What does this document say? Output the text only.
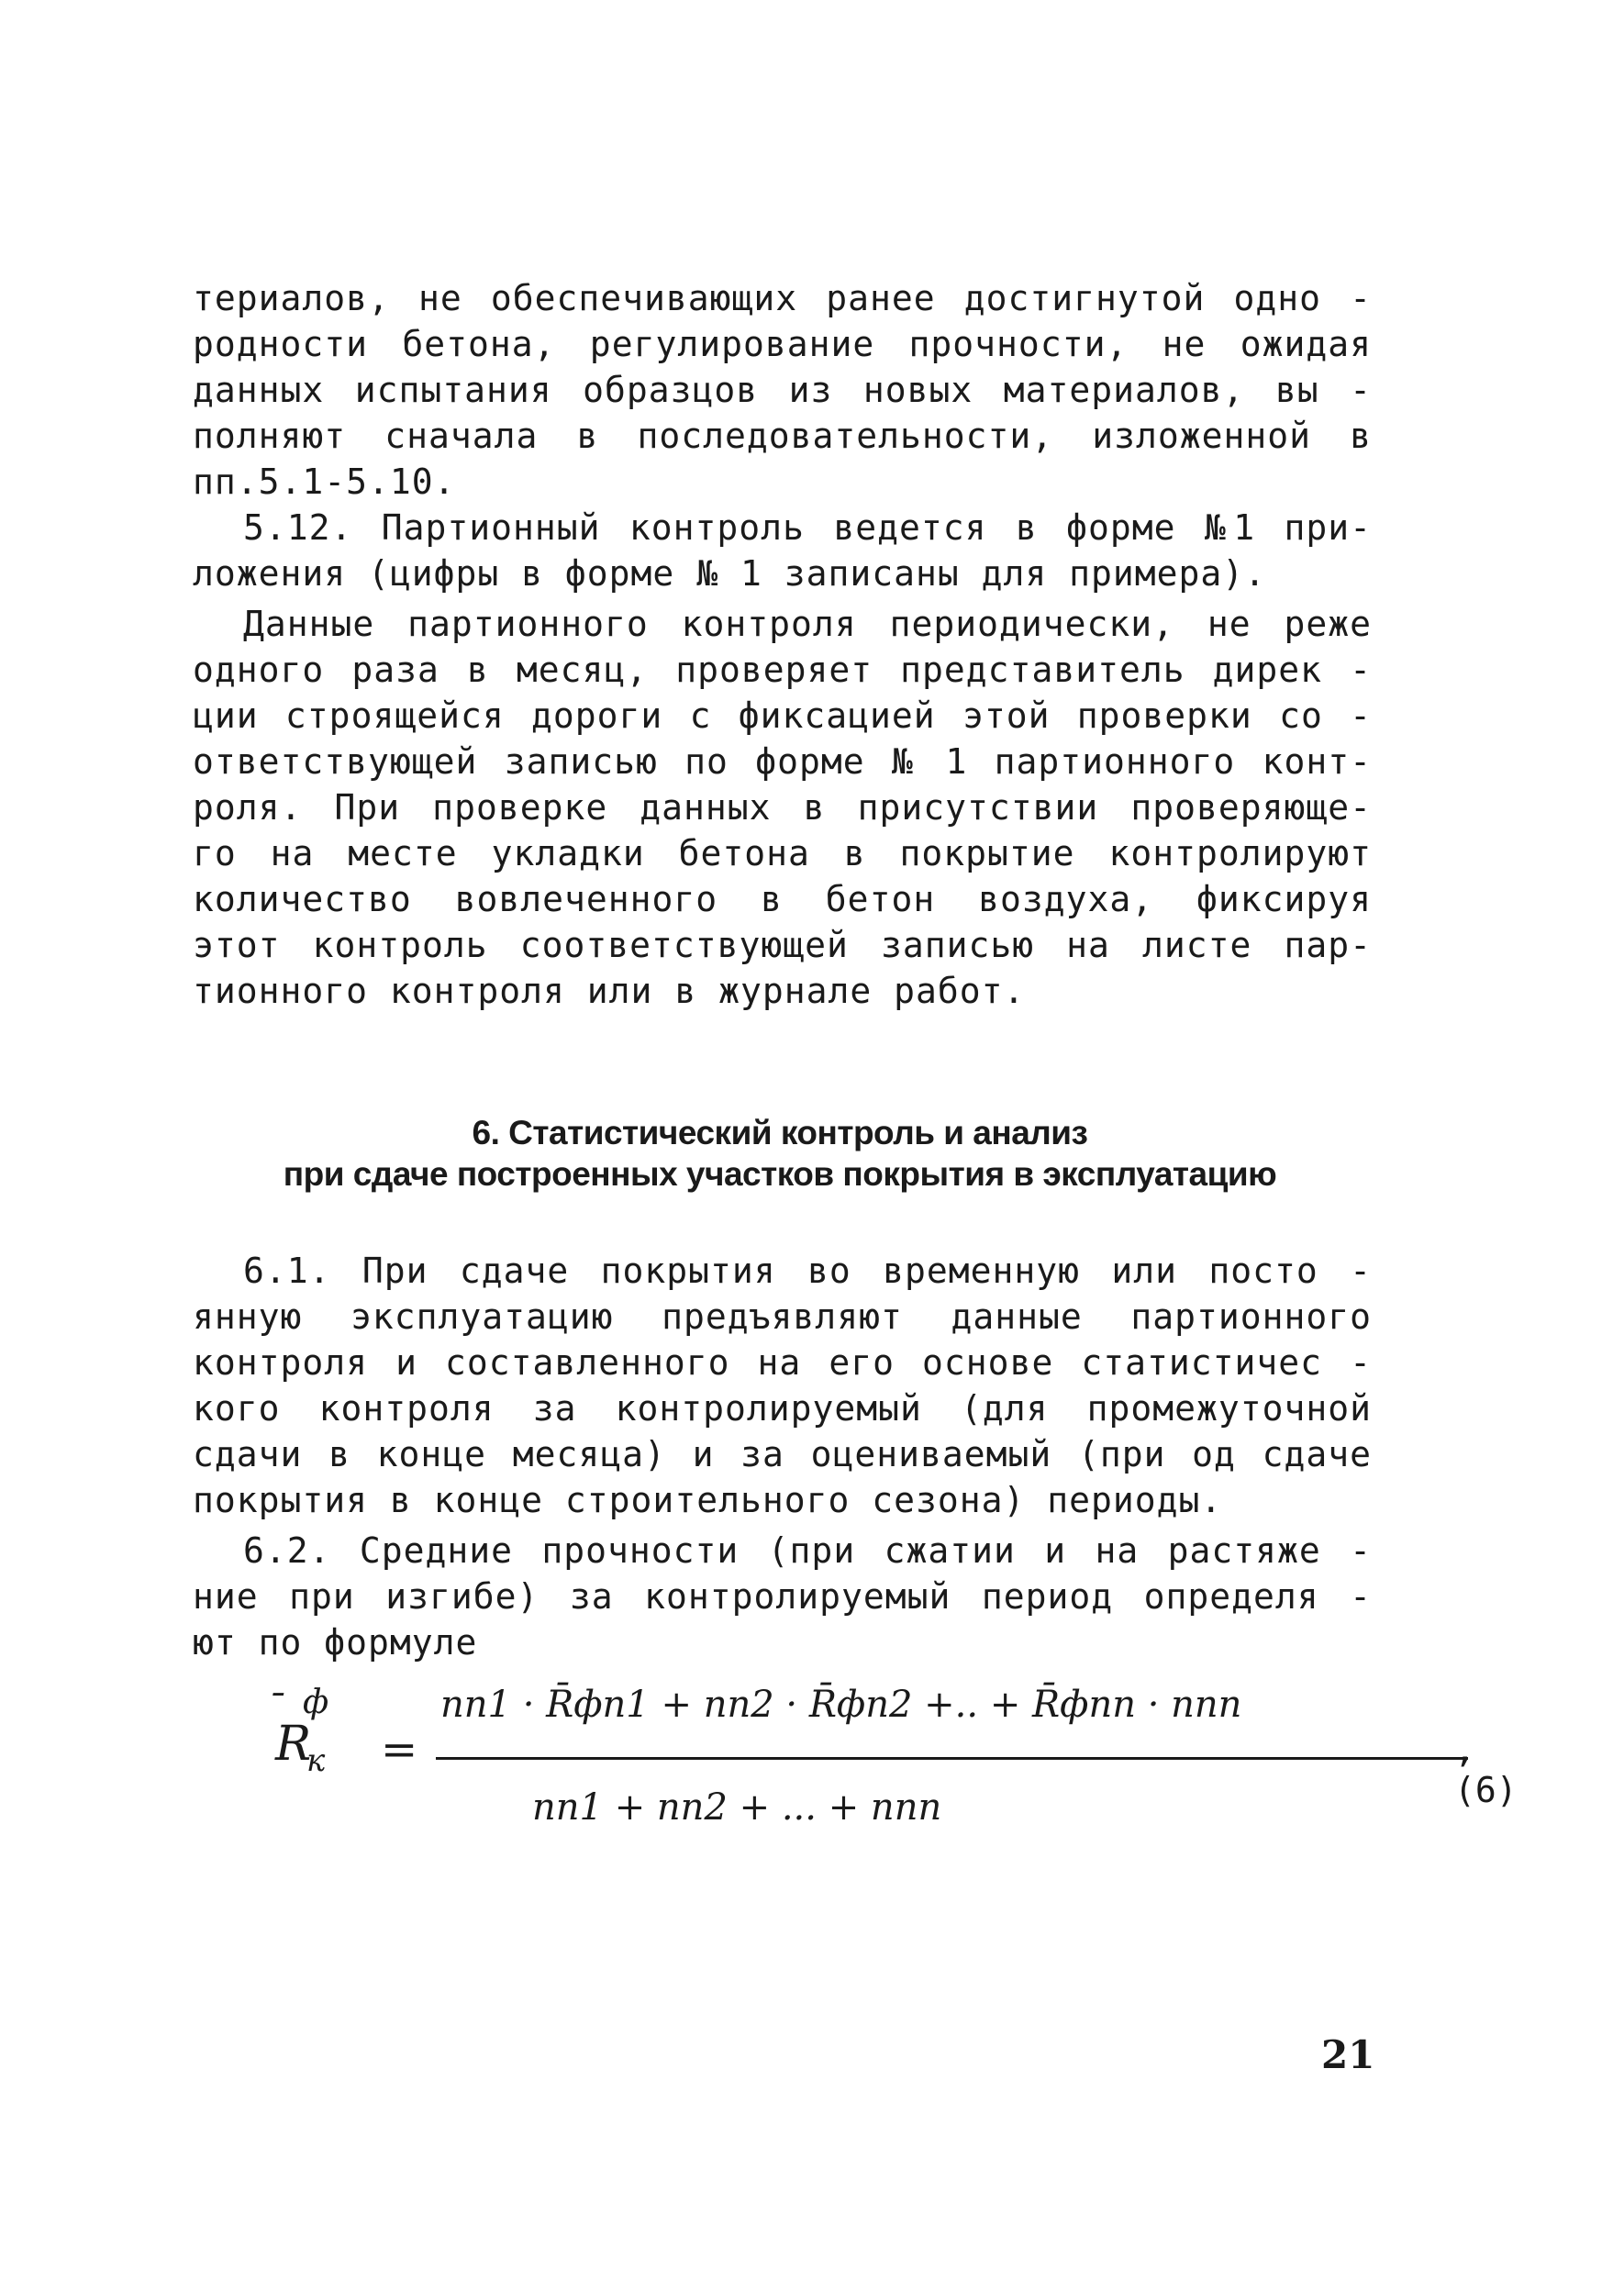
териалов, не обеспечивающих ранее достигнутой одно -
родности бетона, регулирование прочности, не ожидая
данных испытания образцов из новых материалов, вы -
полняют сначала в последовательности, изложенной в
пп.5.1-5.10.
5.12. Партионный контроль ведется в форме №1 при-
ложения (цифры в форме № 1 записаны для примера).
Данные партионного контроля периодически, не реже
одного раза в месяц, проверяет представитель дирек -
ции строящейся дороги с фиксацией этой проверки со -
ответствующей записью по форме № 1 партионного конт-
роля. При проверке данных в присутствии проверяюще-
го на месте укладки бетона в покрытие контролируют
количество вовлеченного в бетон воздуха, фиксируя
этот контроль соответствующей записью на листе пар-
тионного контроля или в журнале работ.
6. Статистический контроль и анализ
при сдаче построенных участков покрытия в эксплуатацию
6.1. При сдаче покрытия во временную или посто -
янную эксплуатацию предъявляют данные партионного
контроля и составленного на его основе статистичес -
кого контроля за контролируемый (для промежуточной
сдачи в конце месяца) и за оцениваемый (при од сдаче
покрытия в конце строительного сезона) периоды.
6.2. Средние прочности (при сжатии и на растяже -
ние при изгибе) за контролируемый период определя -
ют по формуле
R
¯ ф
к =
nп1 · R̄фп1 + nп2 · R̄фп2 +.. + R̄фпп · nпп
nп1 + nп2 + ... + nпп
,(6)
21
